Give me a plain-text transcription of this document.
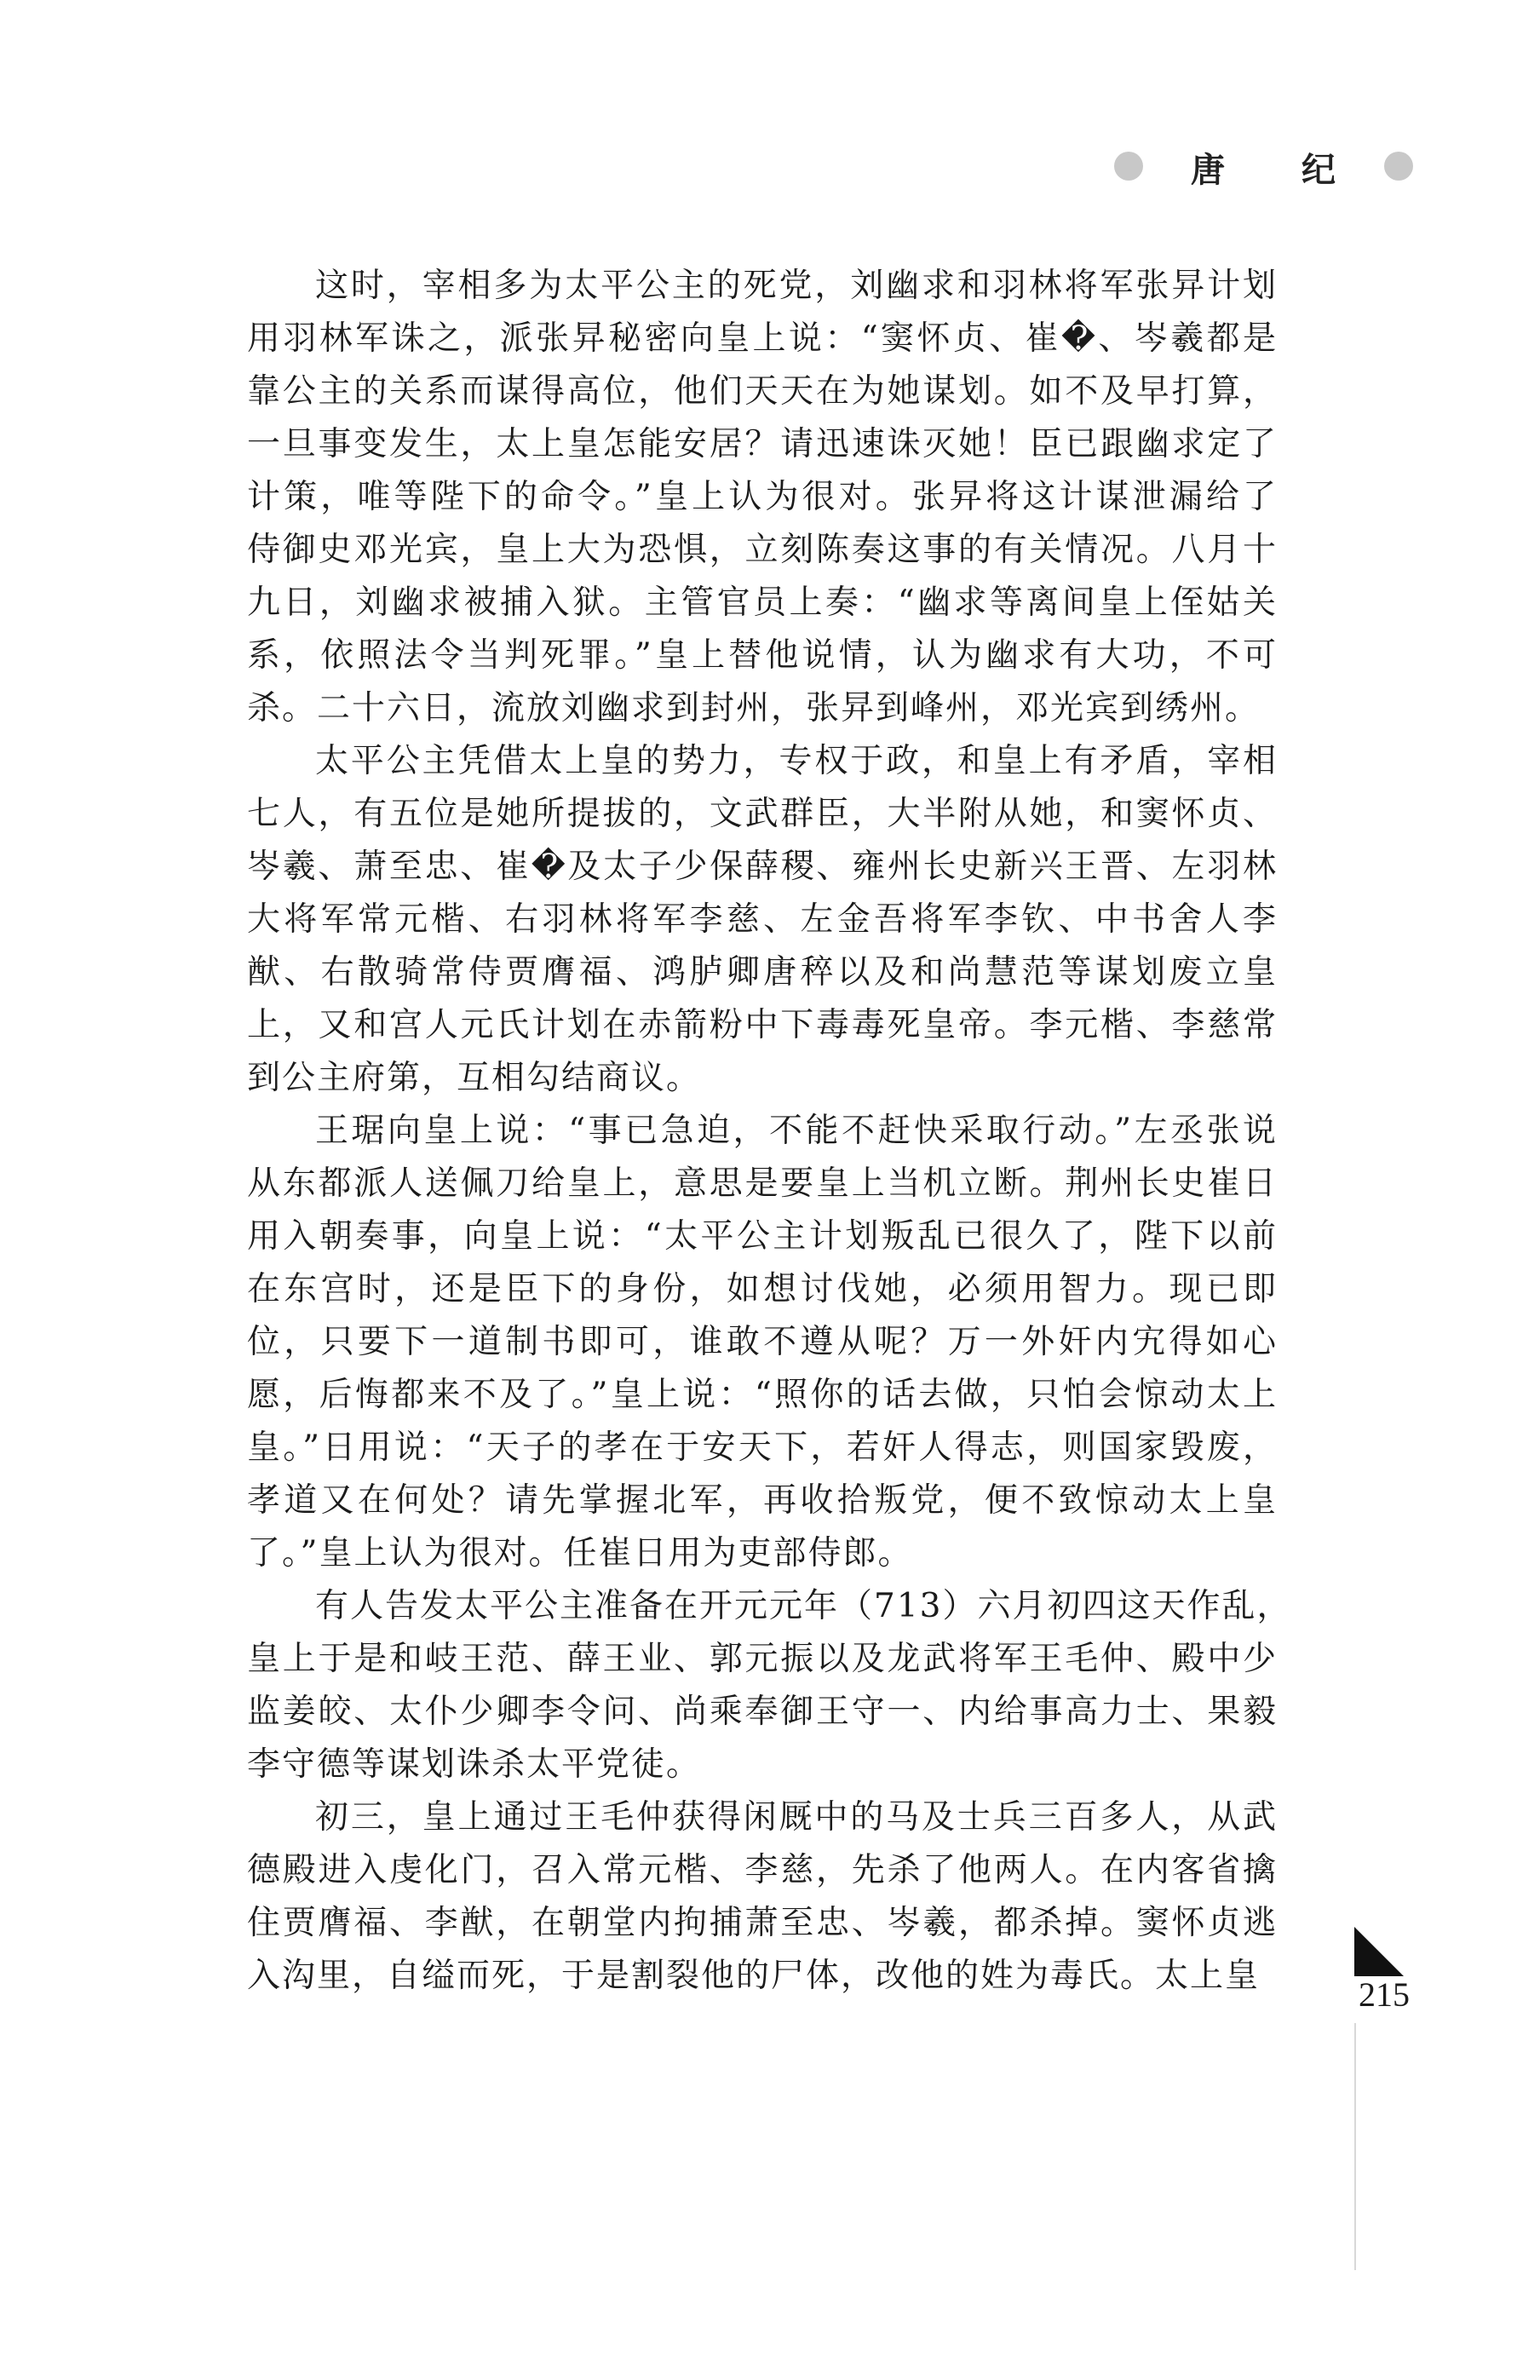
唐 纪
这时，宰相多为太平公主的死党，刘幽求和羽林将军张㫒计划
用羽林军诛之，派张㫒秘密向皇上说：“窦怀贞、崔�、岑羲都是
靠公主的关系而谋得高位，他们天天在为她谋划。如不及早打算，
一旦事变发生，太上皇怎能安居？请迅速诛灭她！臣已跟幽求定了
计策，唯等陛下的命令。”皇上认为很对。张㫒将这计谋泄漏给了
侍御史邓光宾，皇上大为恐惧，立刻陈奏这事的有关情况。八月十
九日，刘幽求被捕入狱。主管官员上奏：“幽求等离间皇上侄姑关
系，依照法令当判死罪。”皇上替他说情，认为幽求有大功，不可
杀。二十六日，流放刘幽求到封州，张㫒到峰州，邓光宾到绣州。
太平公主凭借太上皇的势力，专权于政，和皇上有矛盾，宰相
七人，有五位是她所提拔的，文武群臣，大半附从她，和窦怀贞、
岑羲、萧至忠、崔�及太子少保薛稷、雍州长史新兴王晋、左羽林
大将军常元楷、右羽林将军李慈、左金吾将军李钦、中书舍人李
猷、右散骑常侍贾膺福、鸿胪卿唐稡以及和尚慧范等谋划废立皇
上，又和宫人元氏计划在赤箭粉中下毒毒死皇帝。李元楷、李慈常
到公主府第，互相勾结商议。
王琚向皇上说：“事已急迫，不能不赶快采取行动。”左丞张说
从东都派人送佩刀给皇上，意思是要皇上当机立断。荆州长史崔日
用入朝奏事，向皇上说：“太平公主计划叛乱已很久了，陛下以前
在东宫时，还是臣下的身份，如想讨伐她，必须用智力。现已即
位，只要下一道制书即可，谁敢不遵从呢？万一外奸内宄得如心
愿，后悔都来不及了。”皇上说：“照你的话去做，只怕会惊动太上
皇。”日用说：“天子的孝在于安天下，若奸人得志，则国家毁废，
孝道又在何处？请先掌握北军，再收拾叛党，便不致惊动太上皇
了。”皇上认为很对。任崔日用为吏部侍郎。
有人告发太平公主准备在开元元年（713）六月初四这天作乱，
皇上于是和岐王范、薛王业、郭元振以及龙武将军王毛仲、殿中少
监姜皎、太仆少卿李令问、尚乘奉御王守一、内给事高力士、果毅
李守德等谋划诛杀太平党徒。
初三，皇上通过王毛仲获得闲厩中的马及士兵三百多人，从武
德殿进入虔化门，召入常元楷、李慈，先杀了他两人。在内客省擒
住贾膺福、李猷，在朝堂内拘捕萧至忠、岑羲，都杀掉。窦怀贞逃
入沟里，自缢而死，于是割裂他的尸体，改他的姓为毒氏。太上皇	215
